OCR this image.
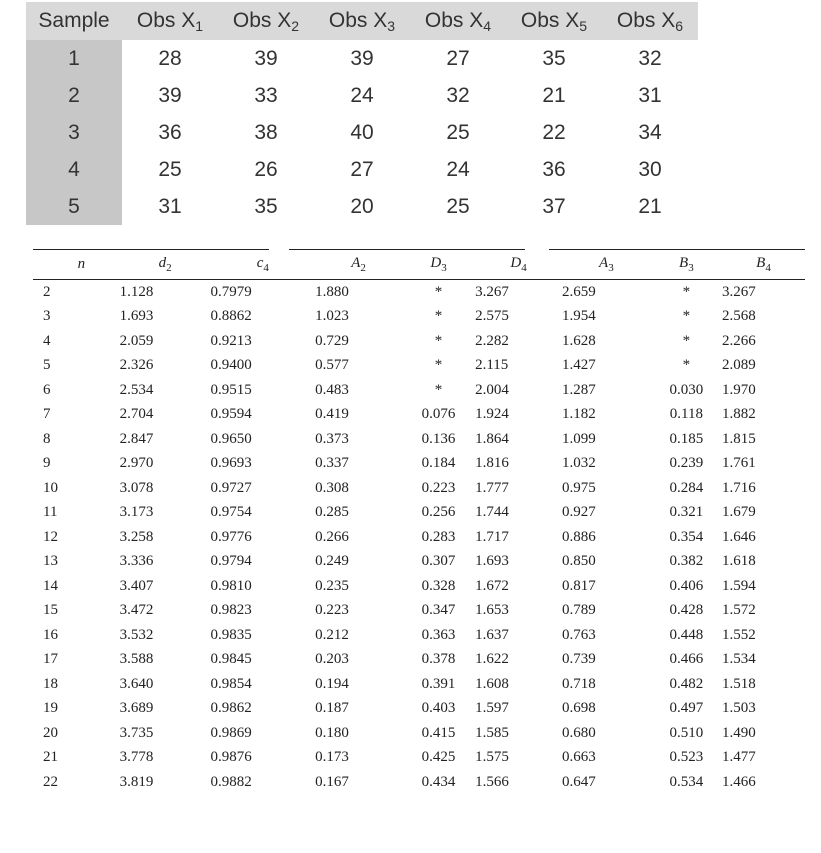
Sample	Obs $X_1$	Obs $X_2$	Obs $X_3$	Obs $X_4$	Obs $X_5$	Obs $X_6$
1	28	39	39	27	35	32
2	39	33	24	32	21	31
3	36	38	40	25	22	34
4	25	26	27	24	36	30
5	31	35	20	25	37	21
n	$d_2$	$c_4$	$A_2$	$D_3$	$D_4$	$A_3$	$B_3$	$B_4$
2	1.128	0.7979	1.880	*	3.267	2.659	*	3.267
3	1.693	0.8862	1.023	*	2.575	1.954	*	2.568
4	2.059	0.9213	0.729	*	2.282	1.628	*	2.266
5	2.326	0.9400	0.577	*	2.115	1.427	*	2.089
6	2.534	0.9515	0.483	*	2.004	1.287	0.030	1.970
7	2.704	0.9594	0.419	0.076	1.924	1.182	0.118	1.882
8	2.847	0.9650	0.373	0.136	1.864	1.099	0.185	1.815
9	2.970	0.9693	0.337	0.184	1.816	1.032	0.239	1.761
10	3.078	0.9727	0.308	0.223	1.777	0.975	0.284	1.716
11	3.173	0.9754	0.285	0.256	1.744	0.927	0.321	1.679
12	3.258	0.9776	0.266	0.283	1.717	0.886	0.354	1.646
13	3.336	0.9794	0.249	0.307	1.693	0.850	0.382	1.618
14	3.407	0.9810	0.235	0.328	1.672	0.817	0.406	1.594
15	3.472	0.9823	0.223	0.347	1.653	0.789	0.428	1.572
16	3.532	0.9835	0.212	0.363	1.637	0.763	0.448	1.552
17	3.588	0.9845	0.203	0.378	1.622	0.739	0.466	1.534
18	3.640	0.9854	0.194	0.391	1.608	0.718	0.482	1.518
19	3.689	0.9862	0.187	0.403	1.597	0.698	0.497	1.503
20	3.735	0.9869	0.180	0.415	1.585	0.680	0.510	1.490
21	3.778	0.9876	0.173	0.425	1.575	0.663	0.523	1.477
22	3.819	0.9882	0.167	0.434	1.566	0.647	0.534	1.466
